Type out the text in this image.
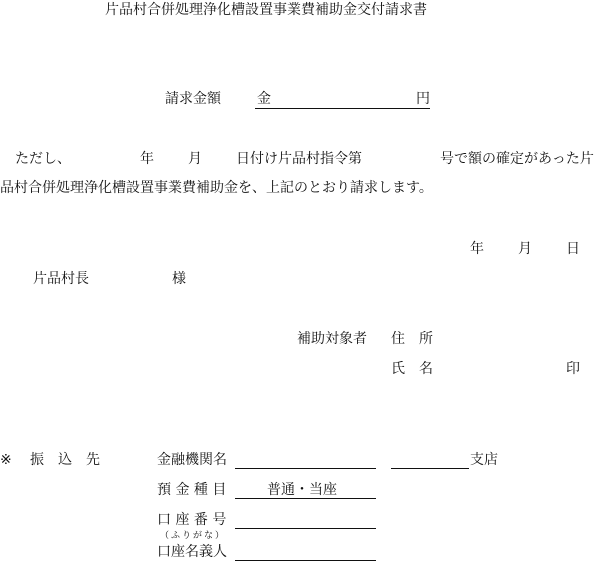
片品村合併処理浄化槽設置事業費補助金交付請求書
請求金額	金	円
ただし、	年 月 日付け片品村指令第	号で額の確定があった片
品村合併処理浄化槽設置事業費補助金を、上記のとおり請求します。
年 月 日
片品村長	様
補助対象者 住　所
氏　名	印
※ 振　込　先	金融機関名	支店
預 金 種 目	普通・当座
口 座 番 号
（ふりがな）
口座名義人
